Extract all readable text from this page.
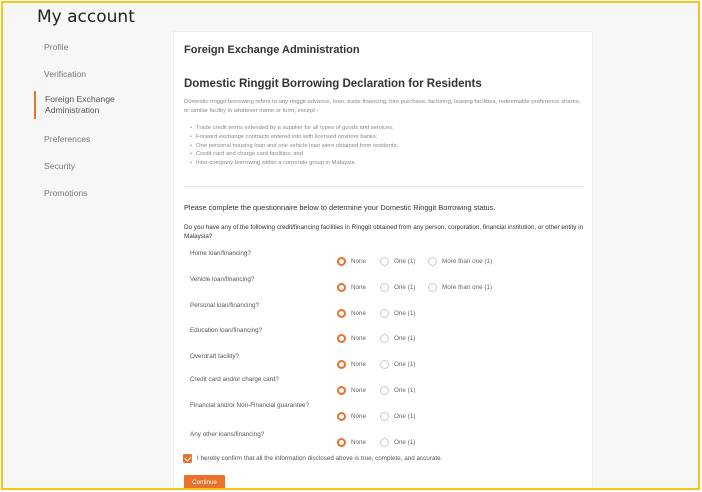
My account
Profile
Verification
Foreign Exchange Administration
Preferences
Security
Promotions
Foreign Exchange Administration
Domestic Ringgit Borrowing Declaration for Residents

Domestic ringgit borrowing refers to any ringgit advance, loan, trade financing, hire purchase, factoring, leasing facilities, redeemable preference shares, or similar facility in whatever name or form, except:-

• Trade credit terms extended by a supplier for all types of goods and services;
• Forward exchange contracts entered into with licensed onshore banks;
• One personal housing loan and one vehicle loan were obtained from residents;
• Credit card and charge card facilities; and
• Inter-company borrowing within a corporate group in Malaysia

Please complete the questionnaire below to determine your Domestic Ringgit Borrowing status.

Do you have any of the following credit/financing facilities in Ringgit obtained from any person, corporation, financial institution, or other entity in Malaysia?

Home loan/financing?
None	One (1)	More than one (1)
Vehicle loan/financing?
None	One (1)	More than one (1)
Personal loan/financing?
None	One (1)
Education loan/financing?
None	One (1)
Overdraft facility?
None	One (1)
Credit card and/or charge card?
None	One (1)
Financial and/or Non-Financial guarantee?
None	One (1)
Any other loans/financing?
None	One (1)
I hereby confirm that all the information disclosed above is true, complete, and accurate.
Continue
